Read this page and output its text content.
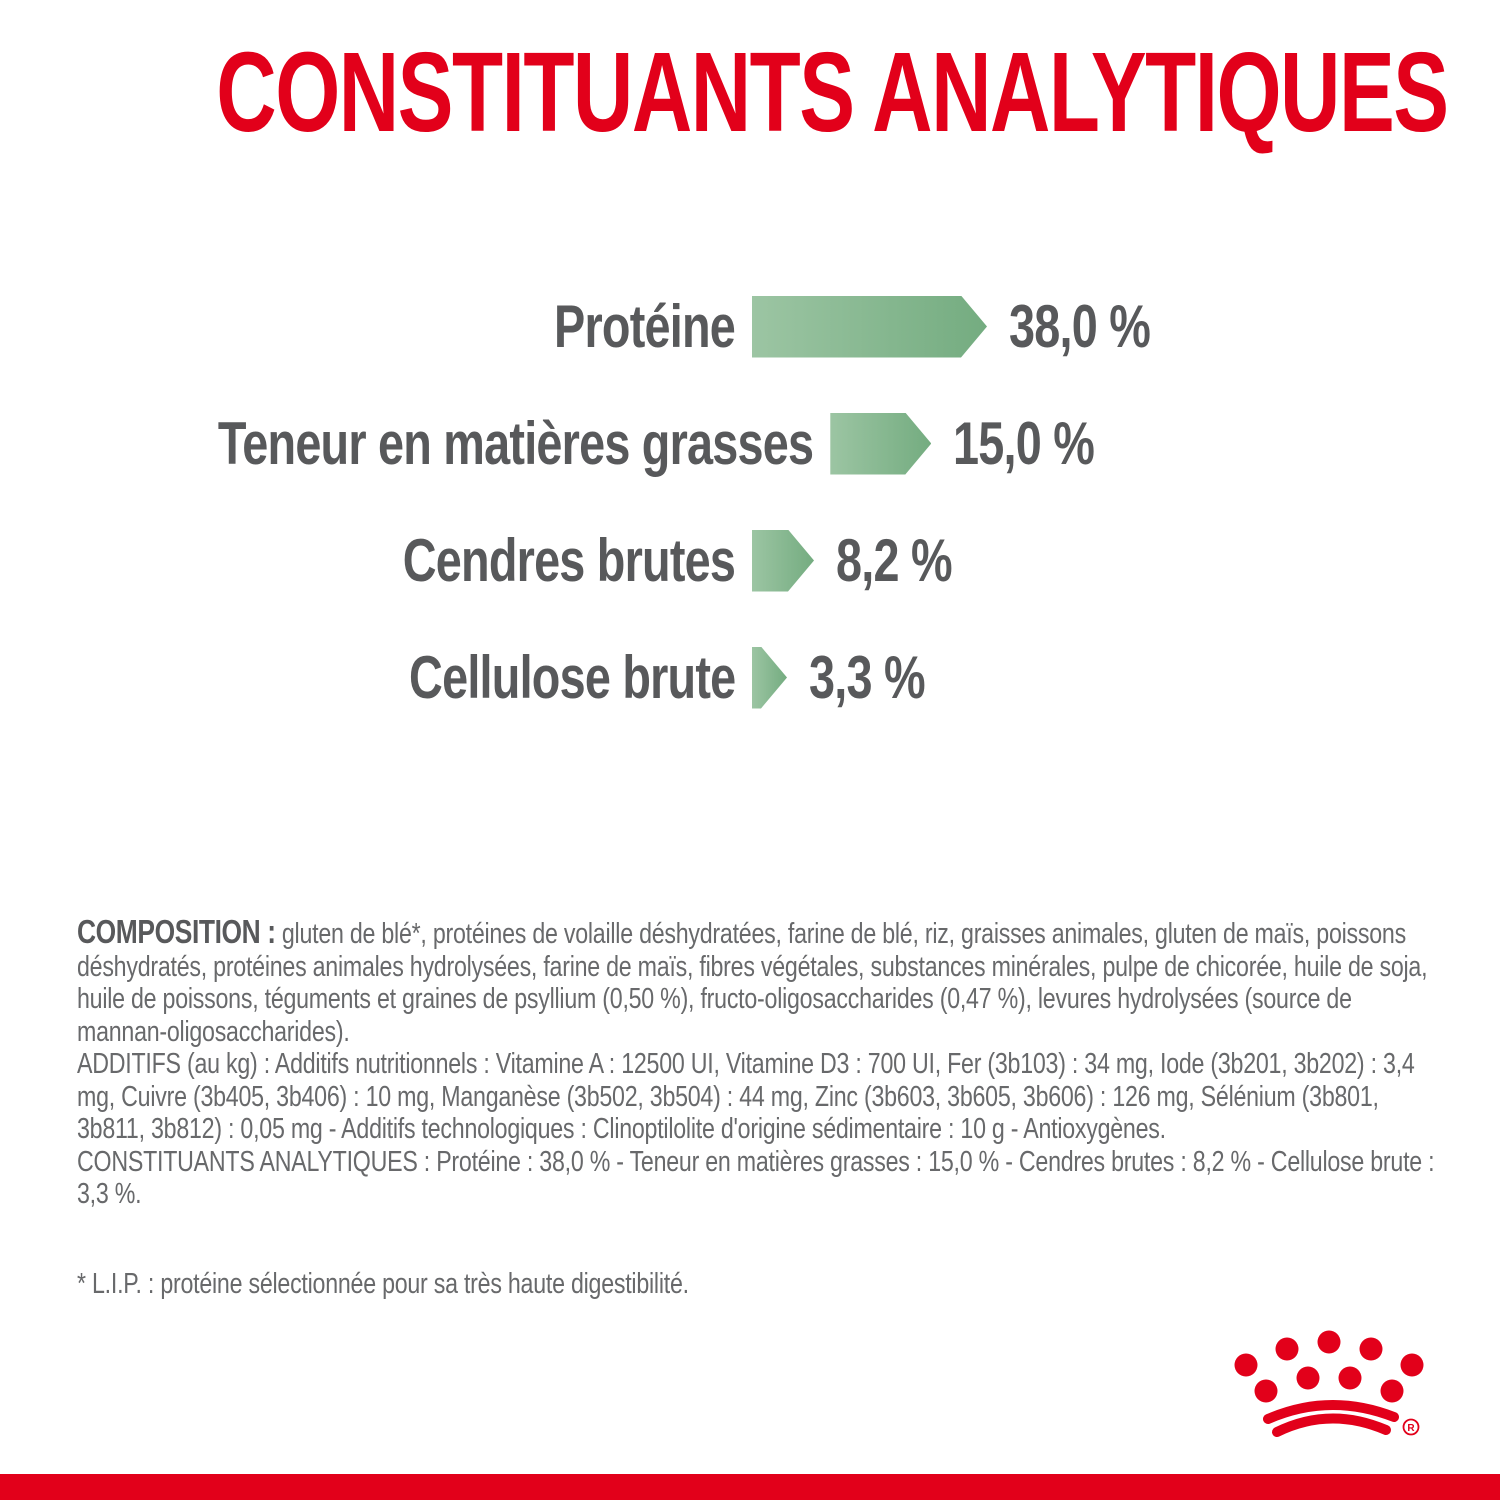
CONSTITUANTS ANALYTIQUES
Protéine	38,0 %
Teneur en matières grasses 15,0 %
Cendres brutes 8,2 %
Cellulose brute 3,3 %

COMPOSITION : gluten de blé*, protéines de volaille déshydratées, farine de blé, riz, graisses animales, gluten de maïs, poissons déshydratés, protéines animales hydrolysées, farine de maïs, fibres végétales, substances minérales, pulpe de chicorée, huile de soja, huile de poissons, téguments et graines de psyllium (0,50 %), fructo-oligosaccharides (0,47 %), levures hydrolysées (source de mannan-oligosaccharides).

ADDITIFS (au kg) : Additifs nutritionnels : Vitamine A : 12500 UI, Vitamine D3 : 700 UI, Fer (3b103) : 34 mg, Iode (3b201, 3b202) : 3,4 mg, Cuivre (3b405, 3b406) : 10 mg, Manganèse (3b502, 3b504) : 44 mg, Zinc (3b603, 3b605, 3b606) : 126 mg, Sélénium (3b801, 3b811, 3b812) : 0,05 mg - Additifs technologiques : Clinoptilolite d'origine sédimentaire : 10 g - Antioxygènes.

CONSTITUANTS ANALYTIQUES : Protéine : 38,0 % - Teneur en matières grasses : 15,0 % - Cendres brutes : 8,2 % - Cellulose brute : 3,3 %.

* L.I.P. : protéine sélectionnée pour sa très haute digestibilité.
R
